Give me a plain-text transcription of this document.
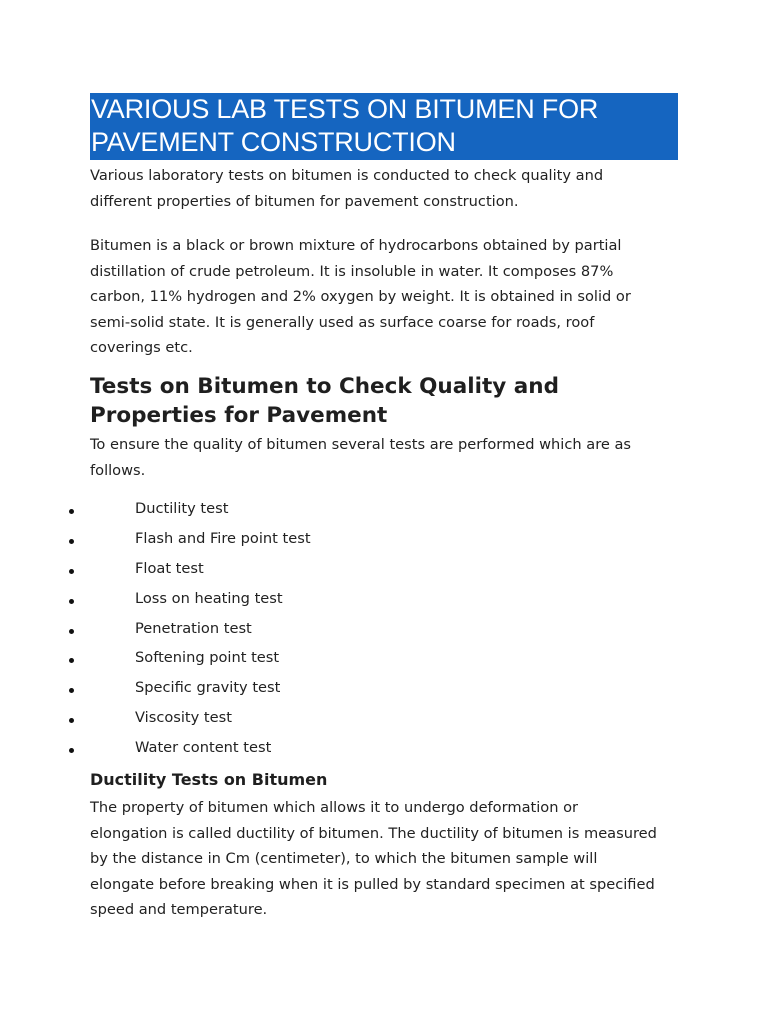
VARIOUS LAB TESTS ON BITUMEN FOR
PAVEMENT CONSTRUCTION
Various laboratory tests on bitumen is conducted to check quality and
different properties of bitumen for pavement construction.
Bitumen is a black or brown mixture of hydrocarbons obtained by partial
distillation of crude petroleum. It is insoluble in water. It composes 87%
carbon, 11% hydrogen and 2% oxygen by weight. It is obtained in solid or
semi-solid state. It is generally used as surface coarse for roads, roof
coverings etc.
Tests on Bitumen to Check Quality and
Properties for Pavement
To ensure the quality of bitumen several tests are performed which are as
follows.
Ductility test
Flash and Fire point test
Float test
Loss on heating test
Penetration test
Softening point test
Specific gravity test
Viscosity test
Water content test
Ductility Tests on Bitumen
The property of bitumen which allows it to undergo deformation or
elongation is called ductility of bitumen. The ductility of bitumen is measured
by the distance in Cm (centimeter), to which the bitumen sample will
elongate before breaking when it is pulled by standard specimen at specified
speed and temperature.
